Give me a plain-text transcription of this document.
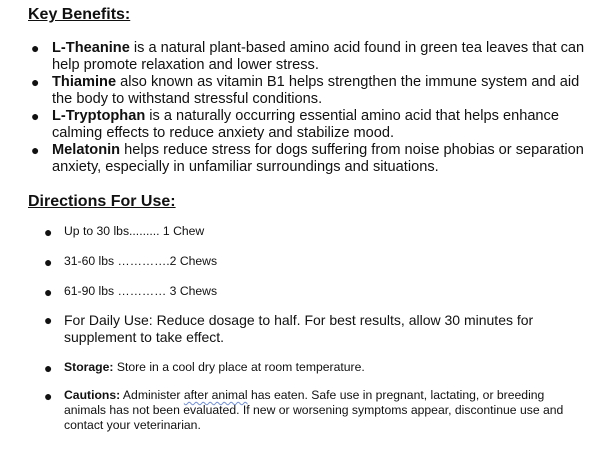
Key Benefits:
● L-Theanine is a natural plant-based amino acid found in green tea leaves that can help promote relaxation and lower stress.
● Thiamine also known as vitamin B1 helps strengthen the immune system and aid the body to withstand stressful conditions.
● L-Tryptophan is a naturally occurring essential amino acid that helps enhance calming effects to reduce anxiety and stabilize mood.
● Melatonin helps reduce stress for dogs suffering from noise phobias or separation anxiety, especially in unfamiliar surroundings and situations.
Directions For Use:
● Up to 30 lbs......... 1 Chew
● 31-60 lbs ………….2 Chews
● 61-90 lbs ………… 3 Chews
● For Daily Use: Reduce dosage to half. For best results, allow 30 minutes for supplement to take effect.
● Storage: Store in a cool dry place at room temperature.
● Cautions: Administer after animal has eaten. Safe use in pregnant, lactating, or breeding animals has not been evaluated. If new or worsening symptoms appear, discontinue use and contact your veterinarian.
